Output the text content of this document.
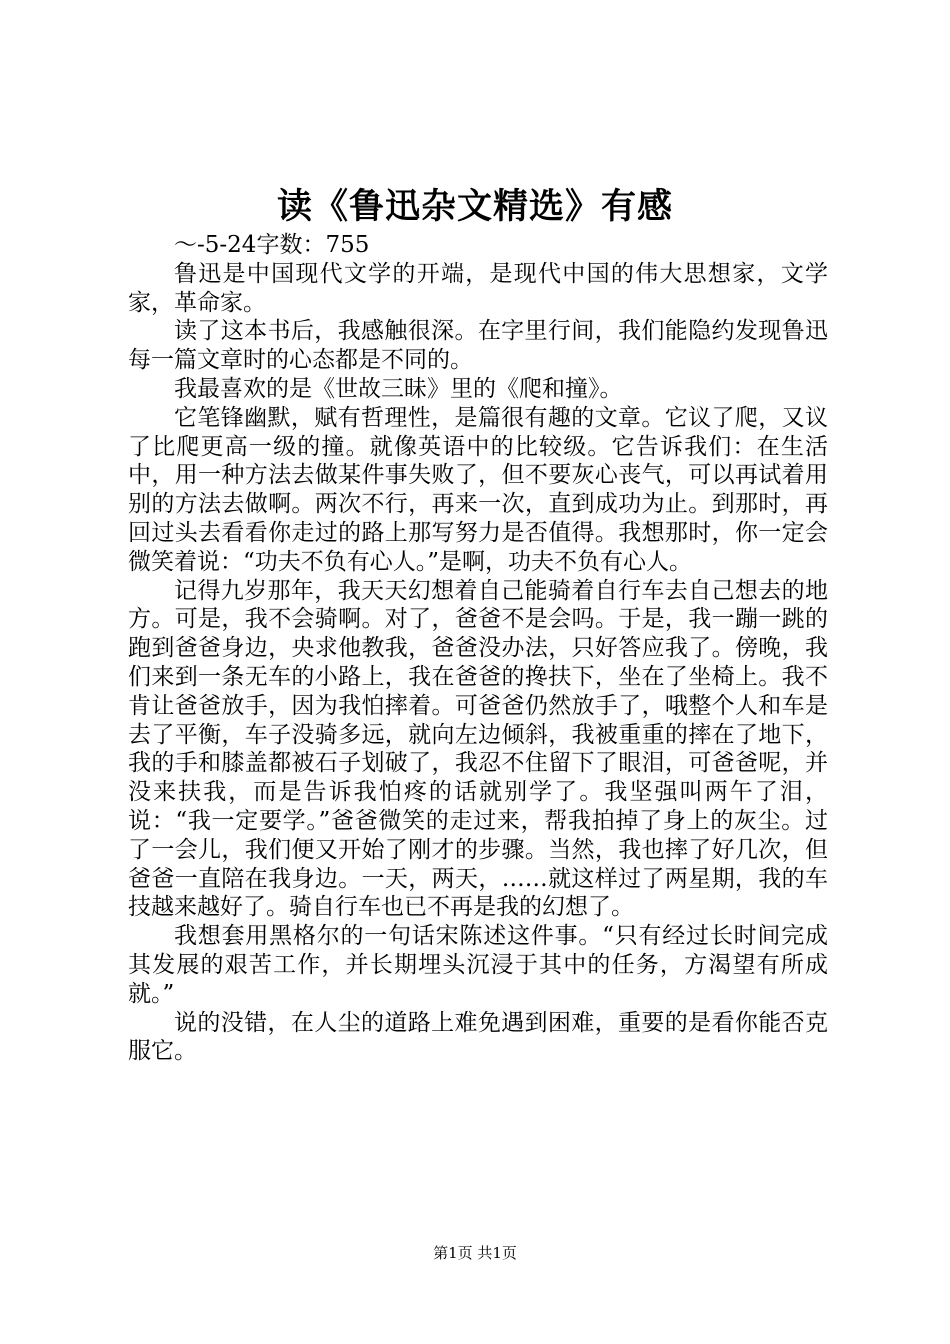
读《鲁迅杂文精选》有感
～-5-24字数：755

鲁迅是中国现代文学的开端，是现代中国的伟大思想家，文学家，革命家。

读了这本书后，我感触很深。在字里行间，我们能隐约发现鲁迅每一篇文章时的心态都是不同的。

我最喜欢的是《世故三昧》里的《爬和撞》。

它笔锋幽默，赋有哲理性，是篇很有趣的文章。它议了爬，又议了比爬更高一级的撞。就像英语中的比较级。它告诉我们：在生活中，用一种方法去做某件事失败了，但不要灰心丧气，可以再试着用别的方法去做啊。两次不行，再来一次，直到成功为止。到那时，再回过头去看看你走过的路上那写努力是否值得。我想那时，你一定会微笑着说：“功夫不负有心人。”是啊，功夫不负有心人。

记得九岁那年，我天天幻想着自己能骑着自行车去自己想去的地方。可是，我不会骑啊。对了，爸爸不是会吗。于是，我一蹦一跳的跑到爸爸身边，央求他教我，爸爸没办法，只好答应我了。傍晚，我们来到一条无车的小路上，我在爸爸的搀扶下，坐在了坐椅上。我不肯让爸爸放手，因为我怕摔着。可爸爸仍然放手了，哦整个人和车是去了平衡，车子没骑多远，就向左边倾斜，我被重重的摔在了地下，我的手和膝盖都被石子划破了，我忍不住留下了眼泪，可爸爸呢，并没来扶我，而是告诉我怕疼的话就别学了。我坚强叫两午了泪，说：“我一定要学。”爸爸微笑的走过来，帮我拍掉了身上的灰尘。过了一会儿，我们便又开始了刚才的步骤。当然，我也摔了好几次，但爸爸一直陪在我身边。一天，两天，……就这样过了两星期，我的车技越来越好了。骑自行车也已不再是我的幻想了。

我想套用黑格尔的一句话宋陈述这件事。“只有经过长时间完成其发展的艰苦工作，并长期埋头沉浸于其中的任务，方渴望有所成就。”

说的没错，在人尘的道路上难免遇到困难，重要的是看你能否克服它。

第1页 共1页
